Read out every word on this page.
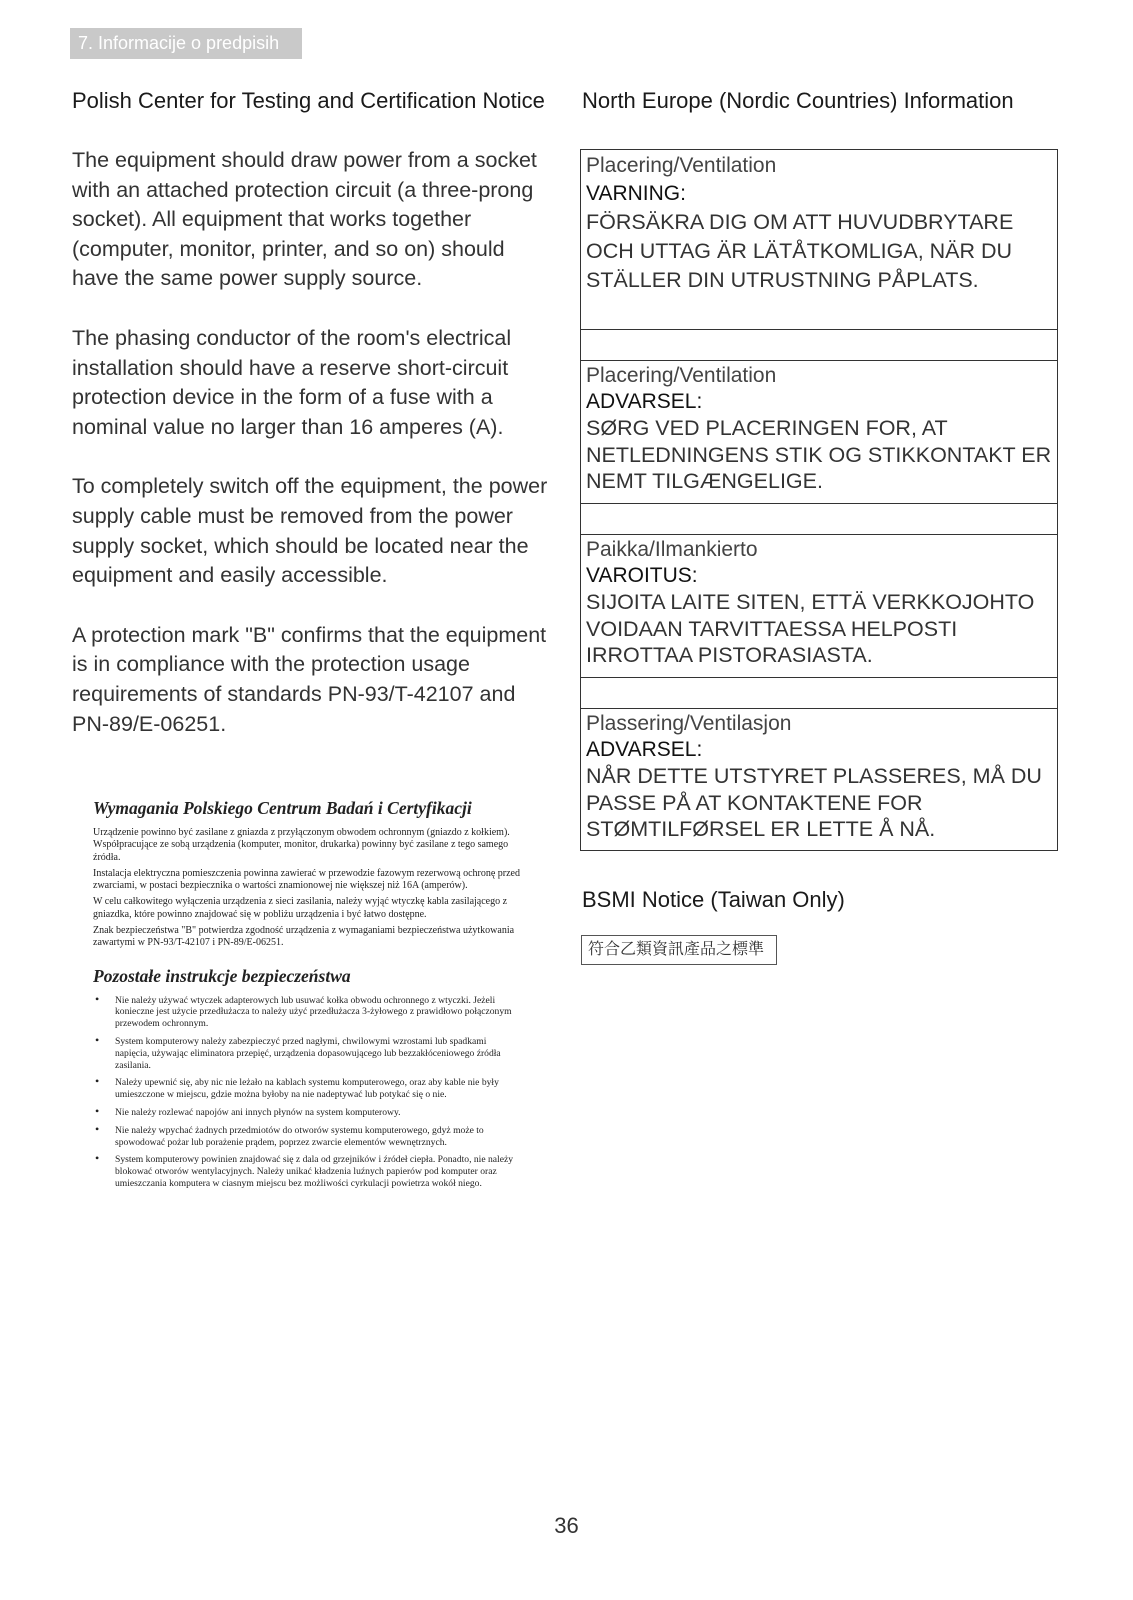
7. Informacije o predpisih
Polish Center for Testing and Certification Notice

The equipment should draw power from a socket with an attached protection circuit (a three-prong socket). All equipment that works together (computer, monitor, printer, and so on) should have the same power supply source.

The phasing conductor of the room's electrical installation should have a reserve short-circuit protection device in the form of a fuse with a nominal value no larger than 16 amperes (A).

To completely switch off the equipment, the power supply cable must be removed from the power supply socket, which should be located near the equipment and easily accessible.

A protection mark "B" confirms that the equipment is in compliance with the protection usage requirements of standards PN-93/T-42107 and PN-89/E-06251.

Wymagania Polskiego Centrum Badań i Certyfikacji

Urządzenie powinno być zasilane z gniazda z przyłączonym obwodem ochronnym (gniazdo z kołkiem). Współpracujące ze sobą urządzenia (komputer, monitor, drukarka) powinny być zasilane z tego samego źródła.

Instalacja elektryczna pomieszczenia powinna zawierać w przewodzie fazowym rezerwową ochronę przed zwarciami, w postaci bezpiecznika o wartości znamionowej nie większej niż 16A (amperów).

W celu całkowitego wyłączenia urządzenia z sieci zasilania, należy wyjąć wtyczkę kabla zasilającego z gniazdka, które powinno znajdować się w pobliżu urządzenia i być łatwo dostępne.

Znak bezpieczeństwa "B" potwierdza zgodność urządzenia z wymaganiami bezpieczeństwa użytkowania zawartymi w PN-93/T-42107 i PN-89/E-06251.

Pozostałe instrukcje bezpieczeństwa
• Nie należy używać wtyczek adapterowych lub usuwać kołka obwodu ochronnego z wtyczki. Jeżeli konieczne jest użycie przedłużacza to należy użyć przedłużacza 3-żyłowego z prawidłowo połączonym przewodem ochronnym.
• System komputerowy należy zabezpieczyć przed nagłymi, chwilowymi wzrostami lub spadkami napięcia, używając eliminatora przepięć, urządzenia dopasowującego lub bezzakłóceniowego źródła zasilania.
• Należy upewnić się, aby nic nie leżało na kablach systemu komputerowego, oraz aby kable nie były umieszczone w miejscu, gdzie można byłoby na nie nadeptywać lub potykać się o nie.
• Nie należy rozlewać napojów ani innych płynów na system komputerowy.
• Nie należy wpychać żadnych przedmiotów do otworów systemu komputerowego, gdyż może to spowodować pożar lub porażenie prądem, poprzez zwarcie elementów wewnętrznych.
• System komputerowy powinien znajdować się z dala od grzejników i źródeł ciepła. Ponadto, nie należy blokować otworów wentylacyjnych. Należy unikać kładzenia luźnych papierów pod komputer oraz umieszczania komputera w ciasnym miejscu bez możliwości cyrkulacji powietrza wokół niego.
North Europe (Nordic Countries) Information
Placering/Ventilation
VARNING:
FÖRSÄKRA DIG OM ATT HUVUDBRYTARE OCH UTTAG ÄR LÄTÅTKOMLIGA, NÄR DU STÄLLER DIN UTRUSTNING PÅPLATS.
Placering/Ventilation
ADVARSEL:
SØRG VED PLACERINGEN FOR, AT NETLEDNINGENS STIK OG STIKKONTAKT ER NEMT TILGÆNGELIGE.
Paikka/Ilmankierto
VAROITUS:
SIJOITA LAITE SITEN, ETTÄ VERKKOJOHTO VOIDAAN TARVITTAESSA HELPOSTI IRROTTAA PISTORASIASTA.
Plassering/Ventilasjon
ADVARSEL:
NÅR DETTE UTSTYRET PLASSERES, MÅ DU PASSE PÅ AT KONTAKTENE FOR STØMTILFØRSEL ER LETTE Å NÅ.
BSMI Notice (Taiwan Only)
符合乙類資訊產品之標準
36
